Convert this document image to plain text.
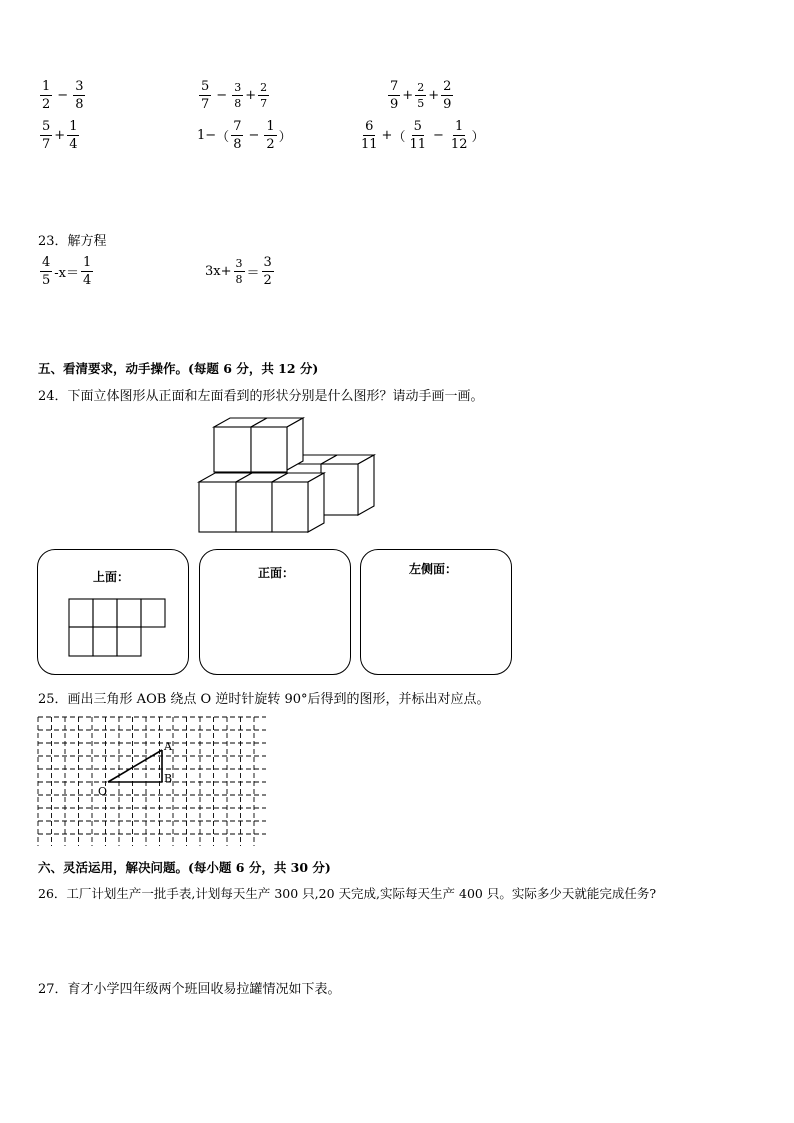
$\frac{1}{2} - \frac{3}{8}$	$\frac{5}{7} - \frac{3}{8} + \frac{2}{7}$	$\frac{7}{9} + \frac{2}{5} + \frac{2}{9}$
$\frac{5}{7} + \frac{1}{4}$	1− （ $\frac{7}{8} - \frac{1}{2}$ ）	$\frac{6}{11}$ + （ $\frac{5}{11} - \frac{1}{12}$ ）
23．解方程
$\frac{4}{5} -x= \frac{1}{4}$	$3x+ \frac{3}{8} = \frac{3}{2}$
五、看清要求，动手操作。(每题 6 分，共 12 分)
24．下面立体图形从正面和左面看到的形状分别是什么图形？请动手画一画。
上面：	正面：	左侧面：
25．画出三角形 AOB 绕点 O 逆时针旋转 90°后得到的图形，并标出对应点。
A
B
O
六、灵活运用，解决问题。(每小题 6 分，共 30 分)
26．工厂计划生产一批手表,计划每天生产 300 只,20 天完成,实际每天生产 400 只。实际多少天就能完成任务?
27．育才小学四年级两个班回收易拉罐情况如下表。
